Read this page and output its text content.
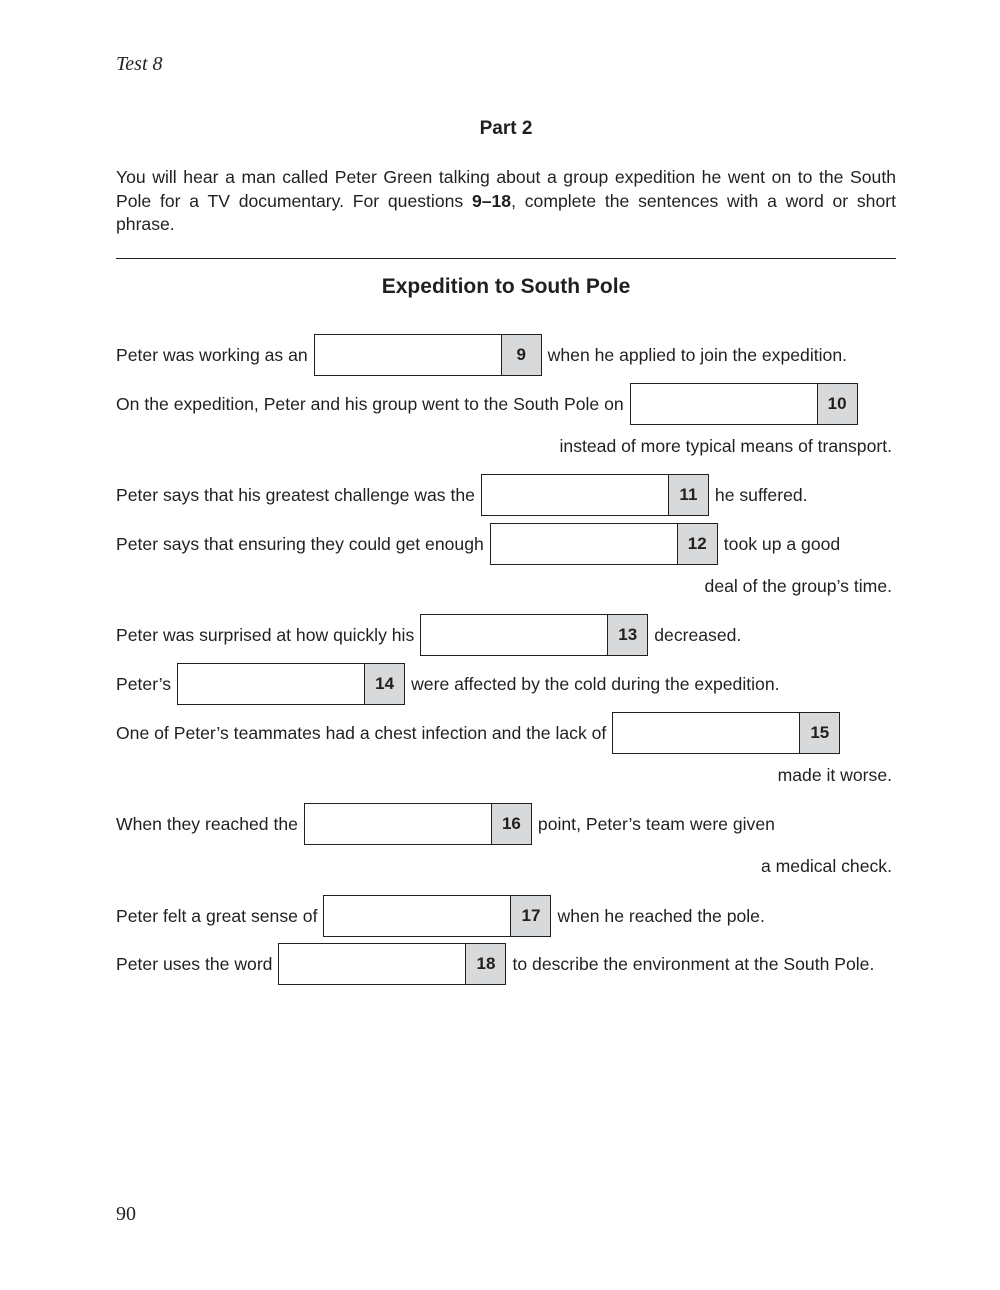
Test 8
Part 2
You will hear a man called Peter Green talking about a group expedition he went on to the South Pole for a TV documentary. For questions 9–18, complete the sentences with a word or short phrase.
Expedition to South Pole
Peter was working as an	9	when he applied to join the expedition.
On the expedition, Peter and his group went to the South Pole on	10
instead of more typical means of transport.
Peter says that his greatest challenge was the	11 he suffered.
Peter says that ensuring they could get enough	12 took up a good
deal of the group’s time.
Peter was surprised at how quickly his	13 decreased.
Peter’s	14 were affected by the cold during the expedition.
One of Peter’s teammates had a chest infection and the lack of	15
made it worse.
When they reached the	16 point, Peter’s team were given
a medical check.
Peter felt a great sense of	17 when he reached the pole.
Peter uses the word	18 to describe the environment at the South Pole.
90
